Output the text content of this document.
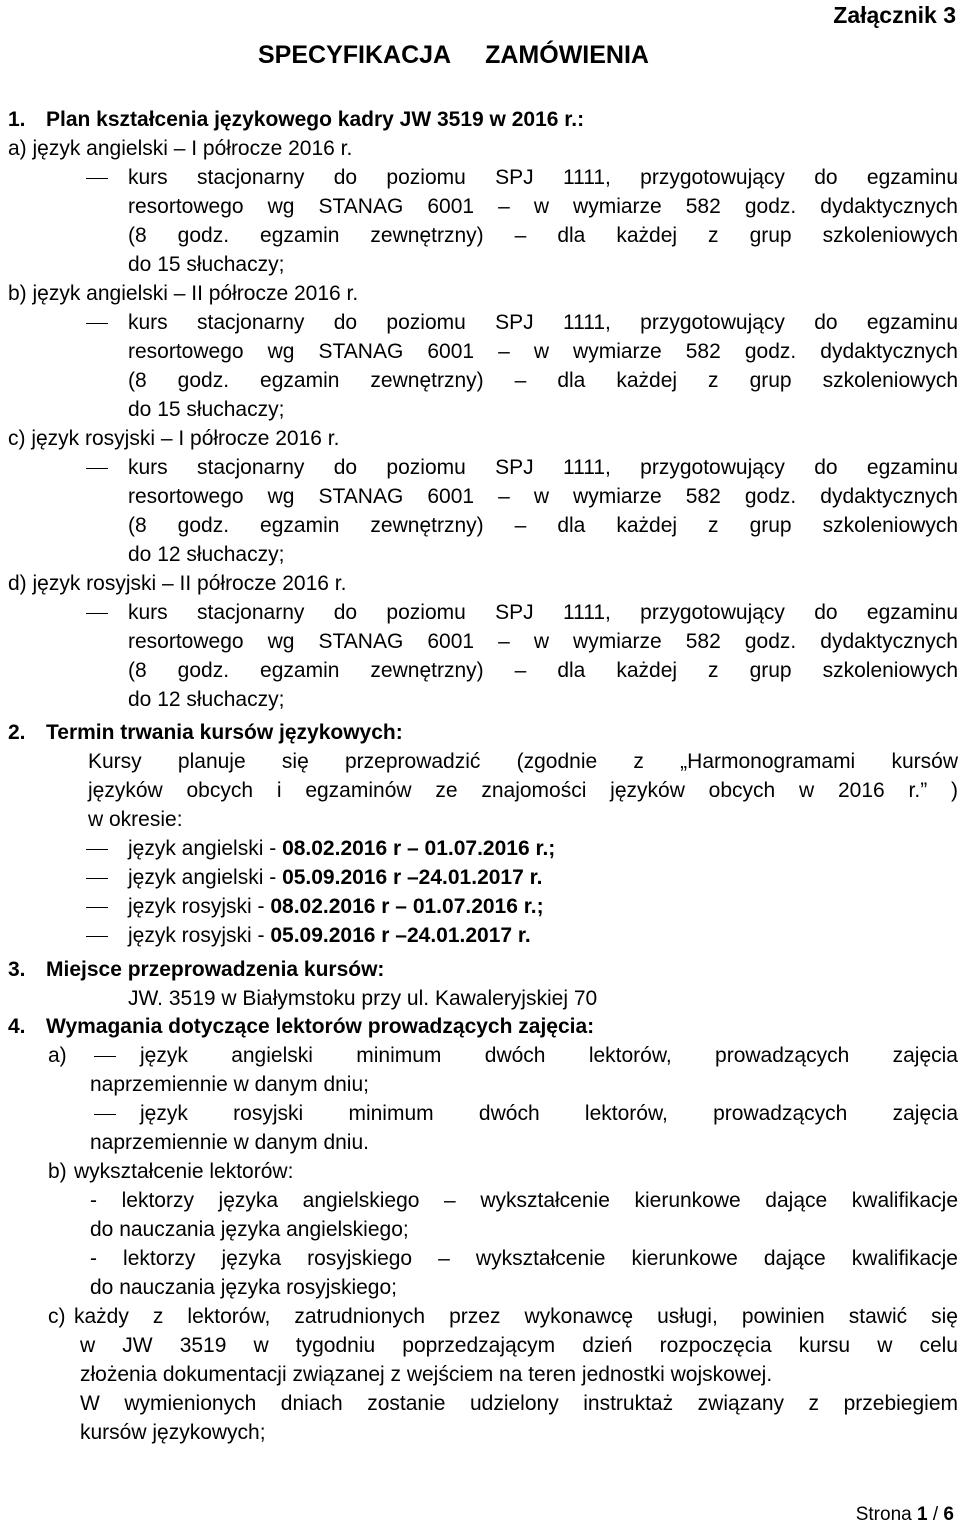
Załącznik 3
SPECYFIKACJA ZAMÓWIENIA
1. Plan kształcenia językowego kadry JW 3519 w 2016 r.:
a) język angielski – I półrocze 2016 r.
kurs stacjonarny do poziomu SPJ 1111, przygotowujący do egzaminu
resortowego wg STANAG 6001 – w wymiarze 582 godz. dydaktycznych
(8 godz. egzamin zewnętrzny) – dla każdej z grup szkoleniowych
do 15 słuchaczy;
b) język angielski – II półrocze 2016 r.
kurs stacjonarny do poziomu SPJ 1111, przygotowujący do egzaminu
resortowego wg STANAG 6001 – w wymiarze 582 godz. dydaktycznych
(8 godz. egzamin zewnętrzny) – dla każdej z grup szkoleniowych
do 15 słuchaczy;
c) język rosyjski – I półrocze 2016 r.
kurs stacjonarny do poziomu SPJ 1111, przygotowujący do egzaminu
resortowego wg STANAG 6001 – w wymiarze 582 godz. dydaktycznych
(8 godz. egzamin zewnętrzny) – dla każdej z grup szkoleniowych
do 12 słuchaczy;
d) język rosyjski – II półrocze 2016 r.
kurs stacjonarny do poziomu SPJ 1111, przygotowujący do egzaminu
resortowego wg STANAG 6001 – w wymiarze 582 godz. dydaktycznych
(8 godz. egzamin zewnętrzny) – dla każdej z grup szkoleniowych
do 12 słuchaczy;
2. Termin trwania kursów językowych:
Kursy planuje się przeprowadzić (zgodnie z „Harmonogramami kursów
języków obcych i egzaminów ze znajomości języków obcych w 2016 r.” )
w okresie:
język angielski - 08.02.2016 r – 01.07.2016 r.;
język angielski - 05.09.2016 r –24.01.2017 r.
język rosyjski - 08.02.2016 r – 01.07.2016 r.;
język rosyjski - 05.09.2016 r –24.01.2017 r.
3. Miejsce przeprowadzenia kursów:
JW. 3519 w Białymstoku przy ul. Kawaleryjskiej 70
4. Wymagania dotyczące lektorów prowadzących zajęcia:
a)	język angielski minimum dwóch lektorów, prowadzących zajęcia
naprzemiennie w danym dniu;
język rosyjski minimum dwóch lektorów, prowadzących zajęcia
naprzemiennie w danym dniu.
b) wykształcenie lektorów:
- lektorzy języka angielskiego – wykształcenie kierunkowe dające kwalifikacje
do nauczania języka angielskiego;
- lektorzy języka rosyjskiego – wykształcenie kierunkowe dające kwalifikacje
do nauczania języka rosyjskiego;
c) każdy z lektorów, zatrudnionych przez wykonawcę usługi, powinien stawić się
w JW 3519 w tygodniu poprzedzającym dzień rozpoczęcia kursu w celu
złożenia dokumentacji związanej z wejściem na teren jednostki wojskowej.
W wymienionych dniach zostanie udzielony instruktaż związany z przebiegiem
kursów językowych;
Strona 1 / 6
